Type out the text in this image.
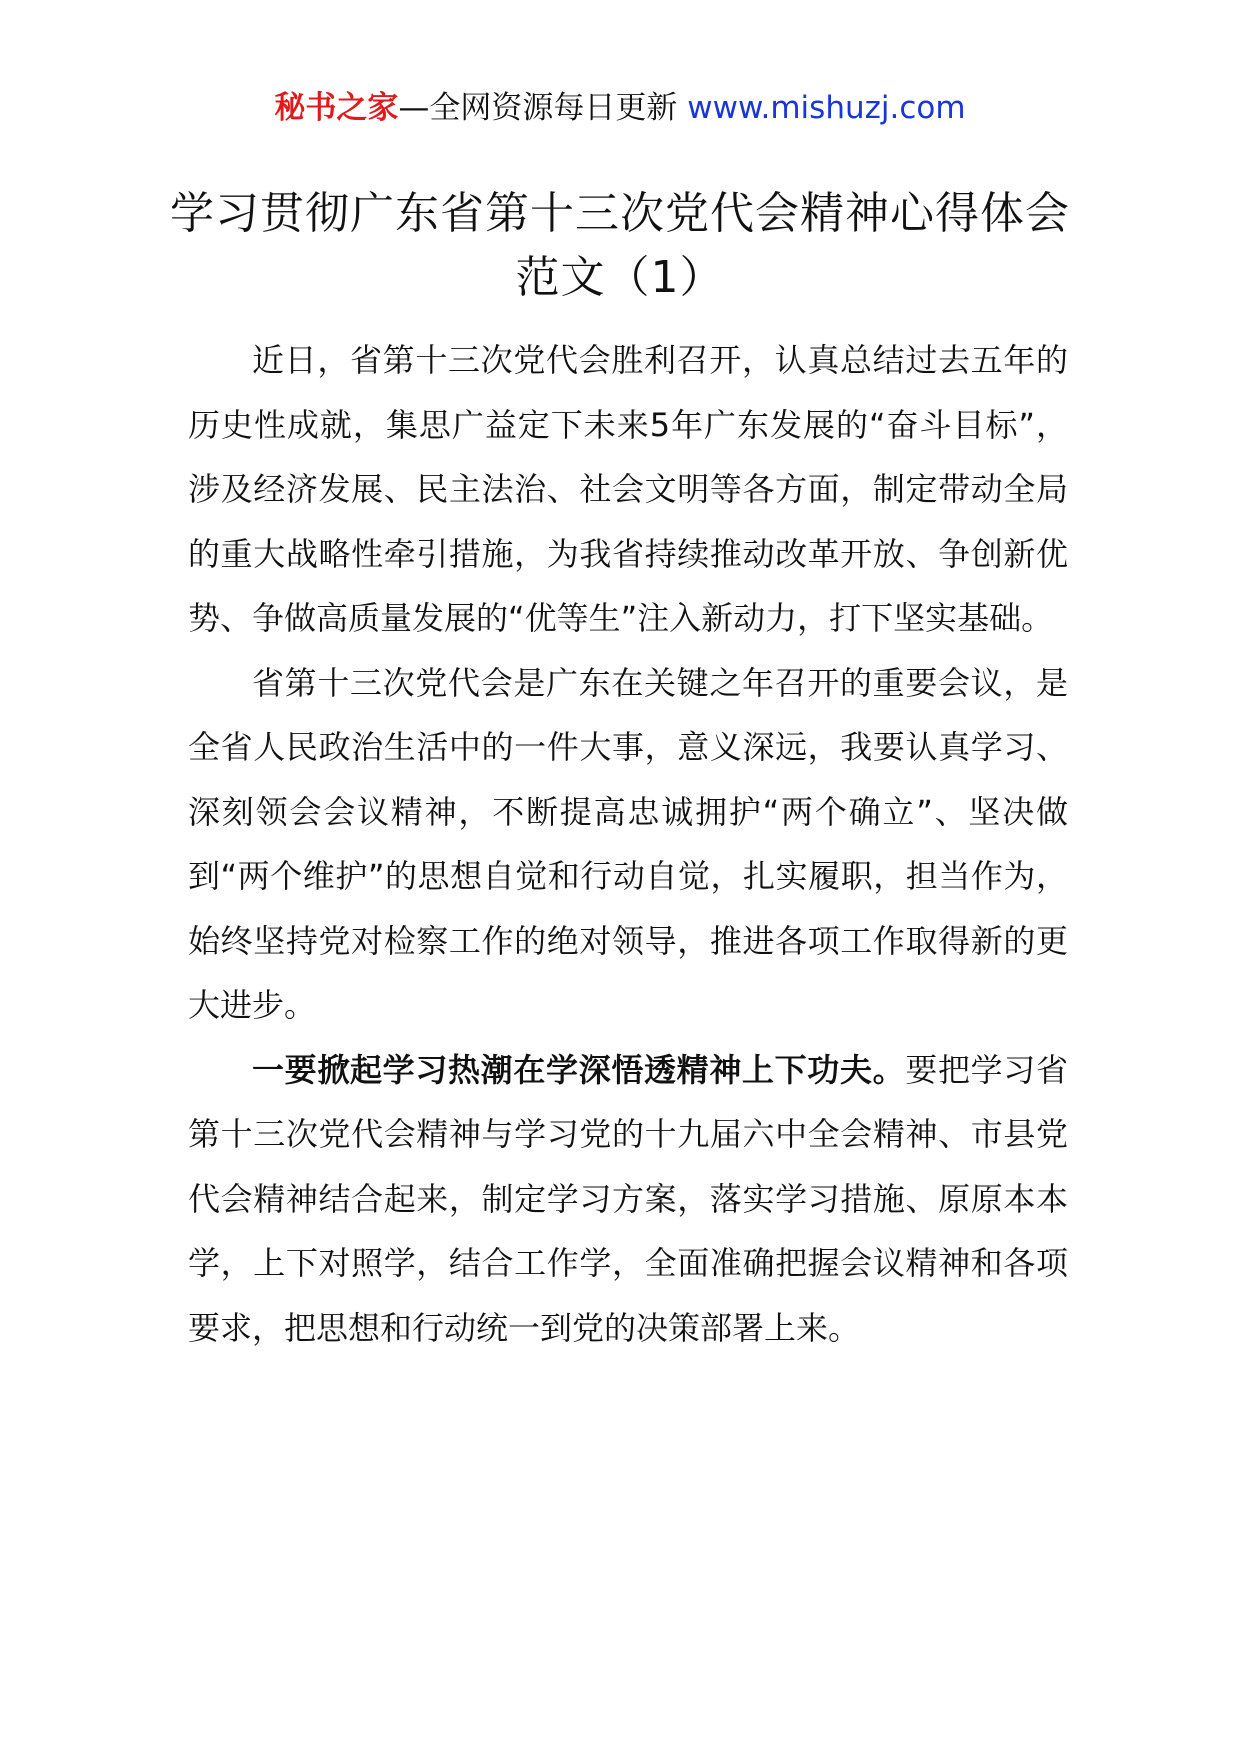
秘书之家—全网资源每日更新 www.mishuzj.com
学习贯彻广东省第十三次党代会精神心得体会范文（1）

近日，省第十三次党代会胜利召开，认真总结过去五年的历史性成就，集思广益定下未来5年广东发展的“奋斗目标”，涉及经济发展、民主法治、社会文明等各方面，制定带动全局的重大战略性牵引措施，为我省持续推动改革开放、争创新优势、争做高质量发展的“优等生”注入新动力，打下坚实基础。

省第十三次党代会是广东在关键之年召开的重要会议，是全省人民政治生活中的一件大事，意义深远，我要认真学习、深刻领会会议精神，不断提高忠诚拥护“两个确立”、坚决做到“两个维护”的思想自觉和行动自觉，扎实履职，担当作为，始终坚持党对检察工作的绝对领导，推进各项工作取得新的更大进步。

一要掀起学习热潮在学深悟透精神上下功夫。要把学习省第十三次党代会精神与学习党的十九届六中全会精神、市县党代会精神结合起来，制定学习方案，落实学习措施、原原本本学，上下对照学，结合工作学，全面准确把握会议精神和各项要求，把思想和行动统一到党的决策部署上来。
